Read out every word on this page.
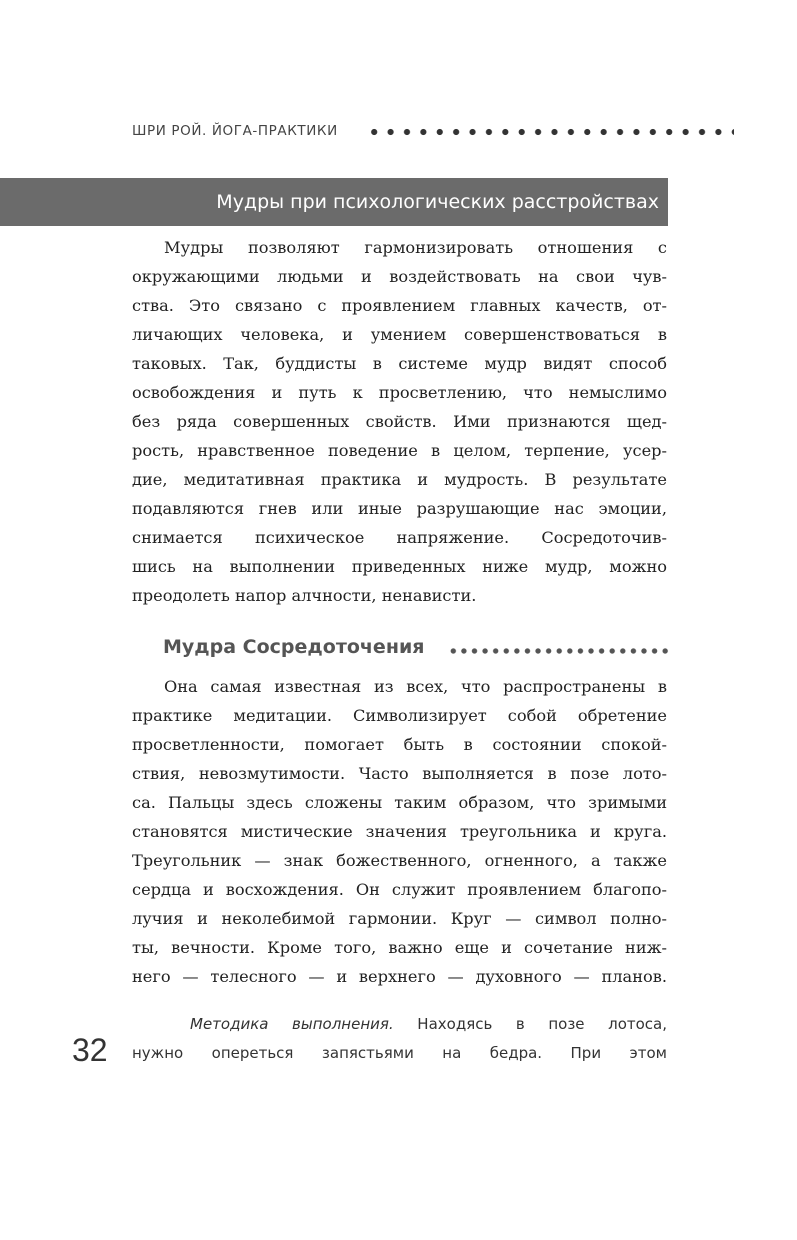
ШРИ РОЙ. ЙОГА-ПРАКТИКИ
Мудры при психологических расстройствах
Мудры позволяют гармонизировать отношения с
окружающими людьми и воздействовать на свои чув-
ства. Это связано с проявлением главных качеств, от-
личающих человека, и умением совершенствоваться в
таковых. Так, буддисты в системе мудр видят способ
освобождения и путь к просветлению, что немыслимо
без ряда совершенных свойств. Ими признаются щед-
рость, нравственное поведение в целом, терпение, усер-
дие, медитативная практика и мудрость. В результате
подавляются гнев или иные разрушающие нас эмоции,
снимается психическое напряжение. Сосредоточив-
шись на выполнении приведенных ниже мудр, можно
преодолеть напор алчности, ненависти.
Мудра Сосредоточения
Она самая известная из всех, что распространены в
практике медитации. Символизирует собой обретение
просветленности, помогает быть в состоянии спокой-
ствия, невозмутимости. Часто выполняется в позе лото-
са. Пальцы здесь сложены таким образом, что зримыми
становятся мистические значения треугольника и круга.
Треугольник — знак божественного, огненного, а также
сердца и восхождения. Он служит проявлением благопо-
лучия и неколебимой гармонии. Круг — символ полно-
ты, вечности. Кроме того, важно еще и сочетание ниж-
него — телесного — и верхнего — духовного — планов.
Методика выполнения. Находясь в позе лотоса,
нужно опереться запястьями на бедра. При этом
32
